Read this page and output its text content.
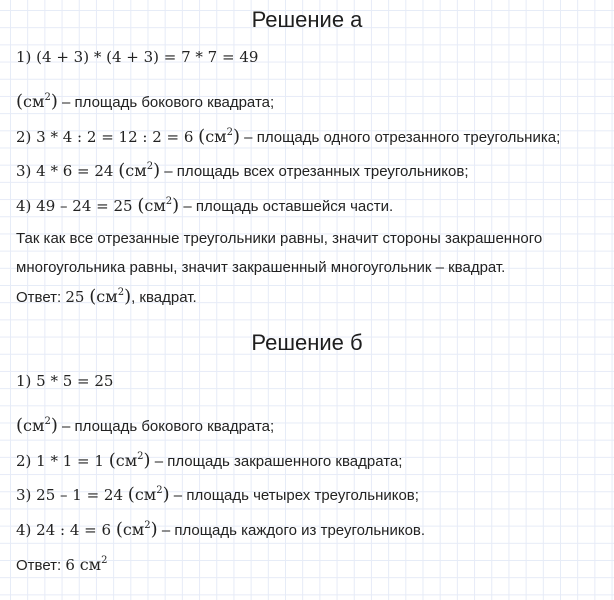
Решение а
1) (4 + 3) * (4 + 3) = 7 * 7 = 49
$(см^2)$ – площадь бокового квадрата;
2) 3 * 4 : 2 = 12 : 2 = 6 $(см^2)$ – площадь одного отрезанного треугольника;
3) 4 * 6 = 24 $(см^2)$ – площадь всех отрезанных треугольников;
4) 49 – 24 = 25 $(см^2)$ – площадь оставшейся части.
Так как все отрезанные треугольники равны, значит стороны закрашенного
многоугольника равны, значит закрашенный многоугольник – квадрат.
Ответ: 25 $(см^2)$, квадрат.
Решение б
1) 5 * 5 = 25
$(см^2)$ – площадь бокового квадрата;
2) 1 * 1 = 1 $(см^2)$ – площадь закрашенного квадрата;
3) 25 – 1 = 24 $(см^2)$ – площадь четырех треугольников;
4) 24 : 4 = 6 $(см^2)$ – площадь каждого из треугольников.
Ответ: 6 $см^2$
